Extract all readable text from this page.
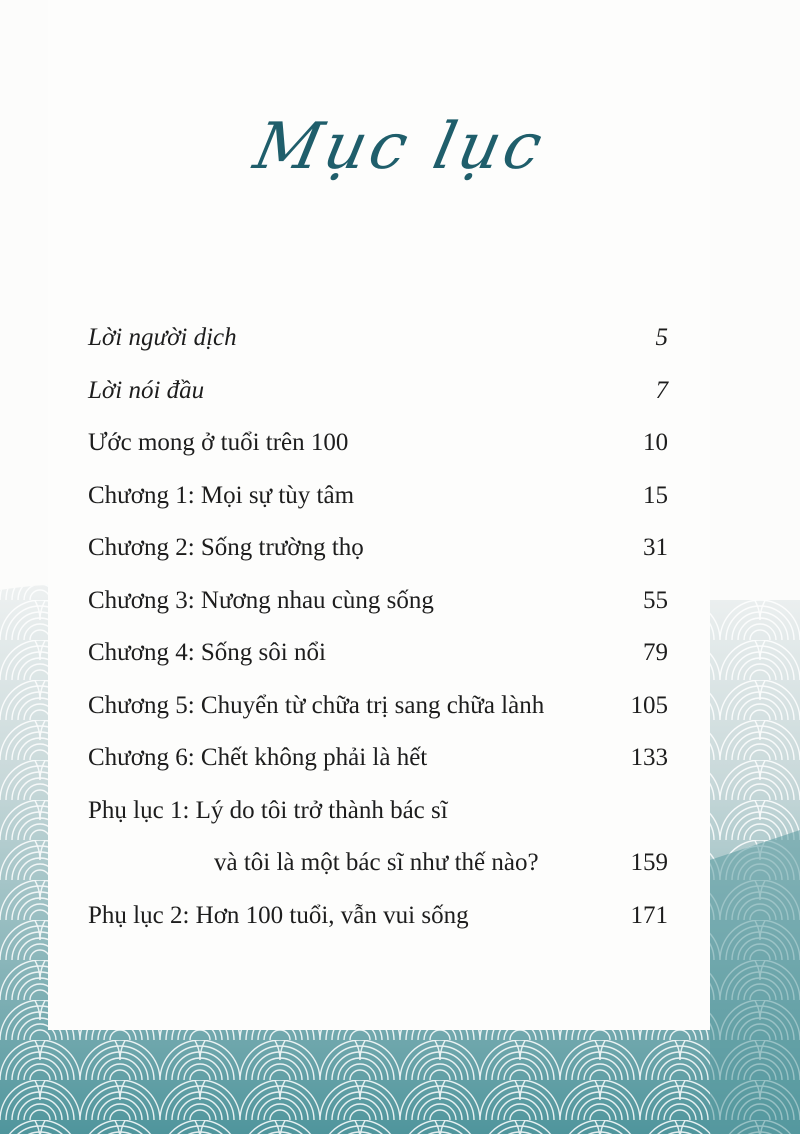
Mục lục
Lời người dịch	5
Lời nói đầu	7
Ước mong ở tuổi trên 100	10
Chương 1: Mọi sự tùy tâm	15
Chương 2: Sống trường thọ	31
Chương 3: Nương nhau cùng sống	55
Chương 4: Sống sôi nổi	79
Chương 5: Chuyển từ chữa trị sang chữa lành	105
Chương 6: Chết không phải là hết	133
Phụ lục 1: Lý do tôi trở thành bác sĩ
và tôi là một bác sĩ như thế nào?	159
Phụ lục 2: Hơn 100 tuổi, vẫn vui sống	171
